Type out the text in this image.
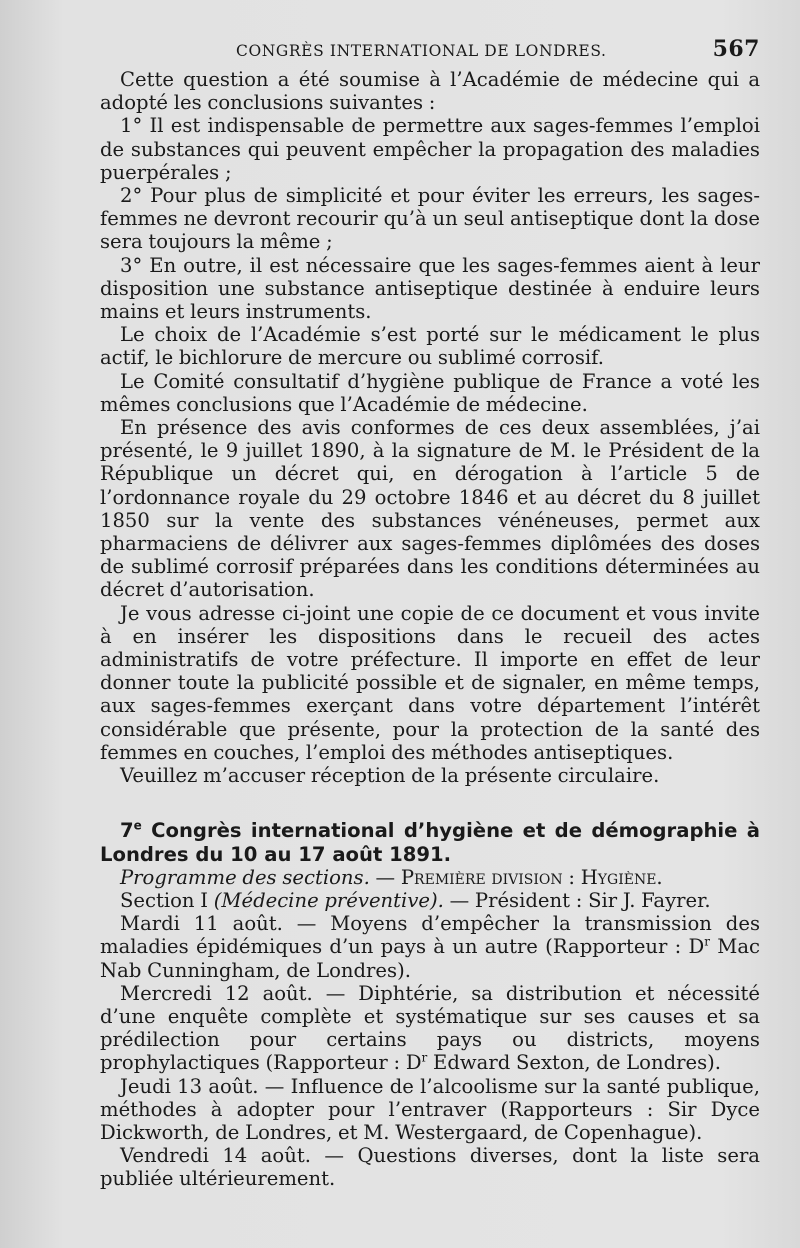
CONGRÈS INTERNATIONAL DE LONDRES.	567

Cette question a été soumise à l’Académie de médecine qui a adopté les conclusions suivantes :

1° Il est indispensable de permettre aux sages-femmes l’emploi de substances qui peuvent empêcher la propagation des maladies puerpérales ;

2° Pour plus de simplicité et pour éviter les erreurs, les sages-femmes ne devront recourir qu’à un seul antiseptique dont la dose sera toujours la même ;

3° En outre, il est nécessaire que les sages-femmes aient à leur disposition une substance antiseptique destinée à enduire leurs mains et leurs instruments.

Le choix de l’Académie s’est porté sur le médicament le plus actif, le bichlorure de mercure ou sublimé corrosif.

Le Comité consultatif d’hygiène publique de France a voté les mêmes conclusions que l’Académie de médecine.

En présence des avis conformes de ces deux assemblées, j’ai présenté, le 9 juillet 1890, à la signature de M. le Président de la République un décret qui, en dérogation à l’article 5 de l’ordonnance royale du 29 octobre 1846 et au décret du 8 juillet 1850 sur la vente des substances vénéneuses, permet aux pharmaciens de délivrer aux sages-femmes diplômées des doses de sublimé corrosif préparées dans les conditions déterminées au décret d’autorisation.

Je vous adresse ci-joint une copie de ce document et vous invite à en insérer les dispositions dans le recueil des actes administratifs de votre préfecture. Il importe en effet de leur donner toute la publicité possible et de signaler, en même temps, aux sages-femmes exerçant dans votre département l’intérêt considérable que présente, pour la protection de la santé des femmes en couches, l’emploi des méthodes antiseptiques.

Veuillez m’accuser réception de la présente circulaire.

7e Congrès international d’hygiène et de démographie à Londres du 10 au 17 août 1891.

Programme des sections. — Première division : Hygiène.

Section I (Médecine préventive). — Président : Sir J. Fayrer.

Mardi 11 août. — Moyens d’empêcher la transmission des maladies épidémiques d’un pays à un autre (Rapporteur : $D^r$ Mac Nab Cunningham, de Londres).

Mercredi 12 août. — Diphtérie, sa distribution et nécessité d’une enquête complète et systématique sur ses causes et sa prédilection pour certains pays ou districts, moyens prophylactiques (Rapporteur : $D^r$ Edward Sexton, de Londres).

Jeudi 13 août. — Influence de l’alcoolisme sur la santé publique, méthodes à adopter pour l’entraver (Rapporteurs : Sir Dyce Dickworth, de Londres, et M. Westergaard, de Copenhague).

Vendredi 14 août. — Questions diverses, dont la liste sera publiée ultérieurement.
